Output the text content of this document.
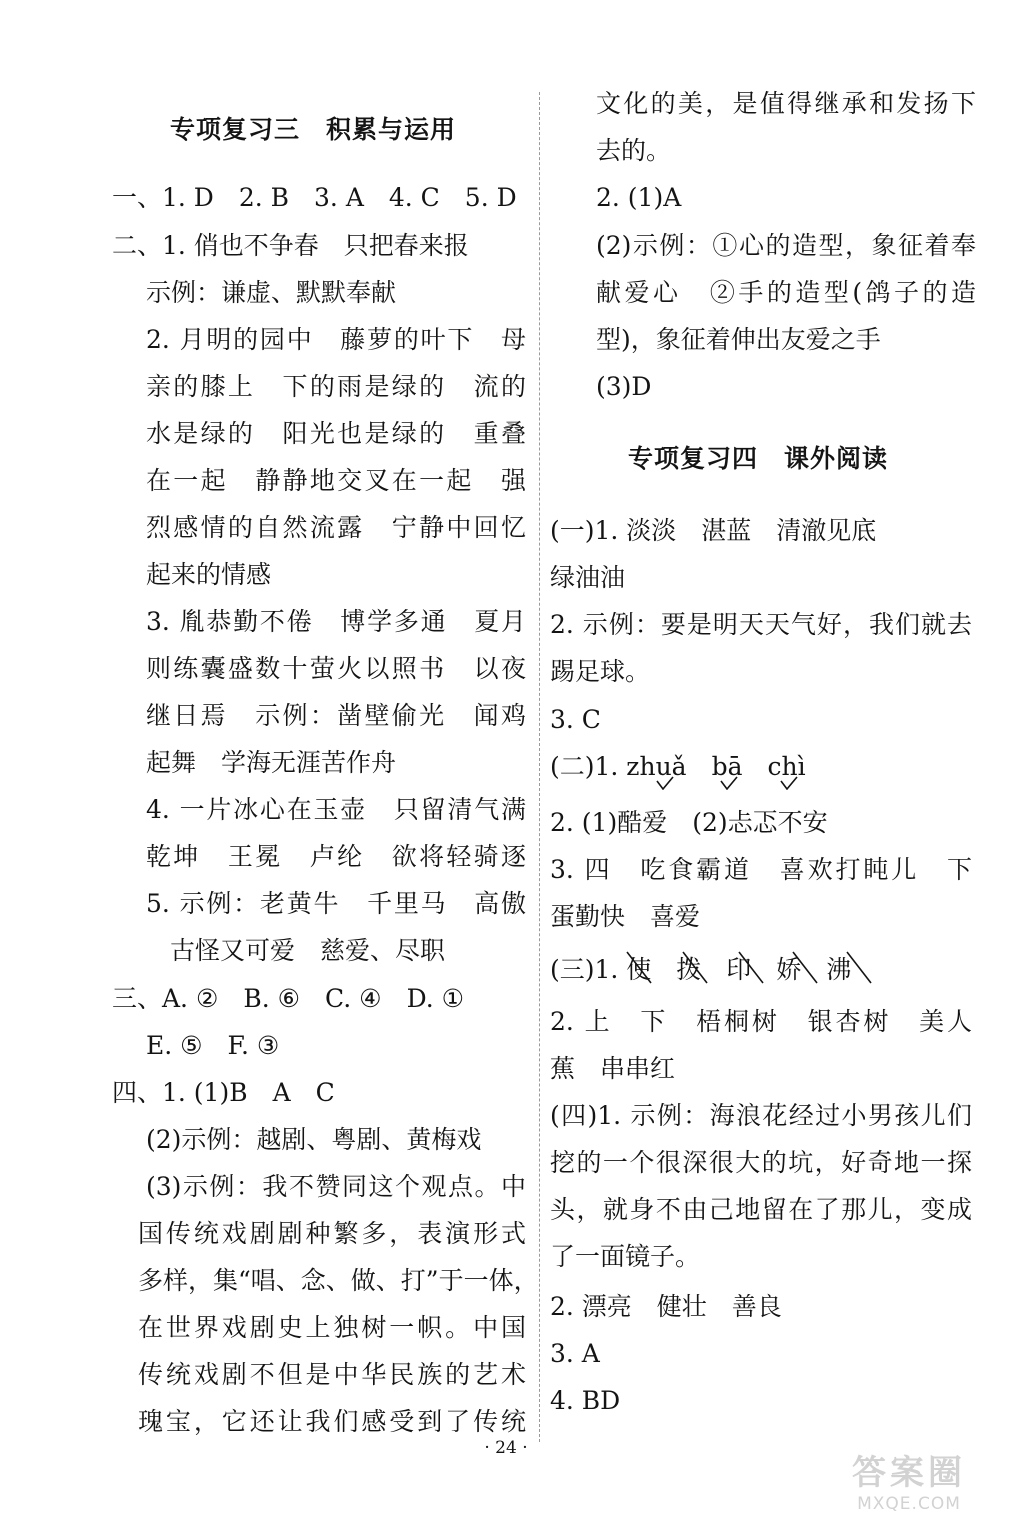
专项复习三　积累与运用
一、1. D　2. B　3. A　4. C　5. D
二、1. 俏也不争春　只把春来报
示例：谦虚、默默奉献
2. 月明的园中　藤萝的叶下　母
亲的膝上　下的雨是绿的　流的
水是绿的　阳光也是绿的　重叠
在一起　静静地交叉在一起　强
烈感情的自然流露　宁静中回忆
起来的情感
3. 胤恭勤不倦　博学多通　夏月
则练囊盛数十萤火以照书　以夜
继日焉　示例：凿壁偷光　闻鸡
起舞　学海无涯苦作舟
4. 一片冰心在玉壶　只留清气满
乾坤　王冕　卢纶　欲将轻骑逐
5. 示例：老黄牛　千里马　高傲
古怪又可爱　慈爱、尽职
三、A. ②　B. ⑥　C. ④　D. ①
E. ⑤　F. ③
四、1. (1)B　A　C
(2)示例：越剧、粤剧、黄梅戏
(3)示例：我不赞同这个观点。中
国传统戏剧剧种繁多，表演形式
多样，集“唱、念、做、打”于一体，
在世界戏剧史上独树一帜。中国
传统戏剧不但是中华民族的艺术
瑰宝，它还让我们感受到了传统
文化的美，是值得继承和发扬下
去的。
2. (1)A
(2)示例：①心的造型，象征着奉
献爱心　②手的造型(鸽子的造
型)，象征着伸出友爱之手
(3)D
专项复习四　课外阅读
(一)1. 淡淡　湛蓝　清澈见底
绿油油
2. 示例：要是明天天气好，我们就去
踢足球。
3. C
(二)1. zhuǎ　bā　chì
2. (1)酷爱　(2)忐忑不安
3. 四　吃食霸道　喜欢打盹儿　下
蛋勤快　喜爱
(三)1. 使　拨　印　娇　沸
2. 上　下　梧桐树　银杏树　美人
蕉　串串红
(四)1. 示例：海浪花经过小男孩儿们
挖的一个很深很大的坑，好奇地一探
头，就身不由己地留在了那儿，变成
了一面镜子。
2. 漂亮　健壮　善良
3. A
4. BD
· 24 ·
答案圈
MXQE.COM
